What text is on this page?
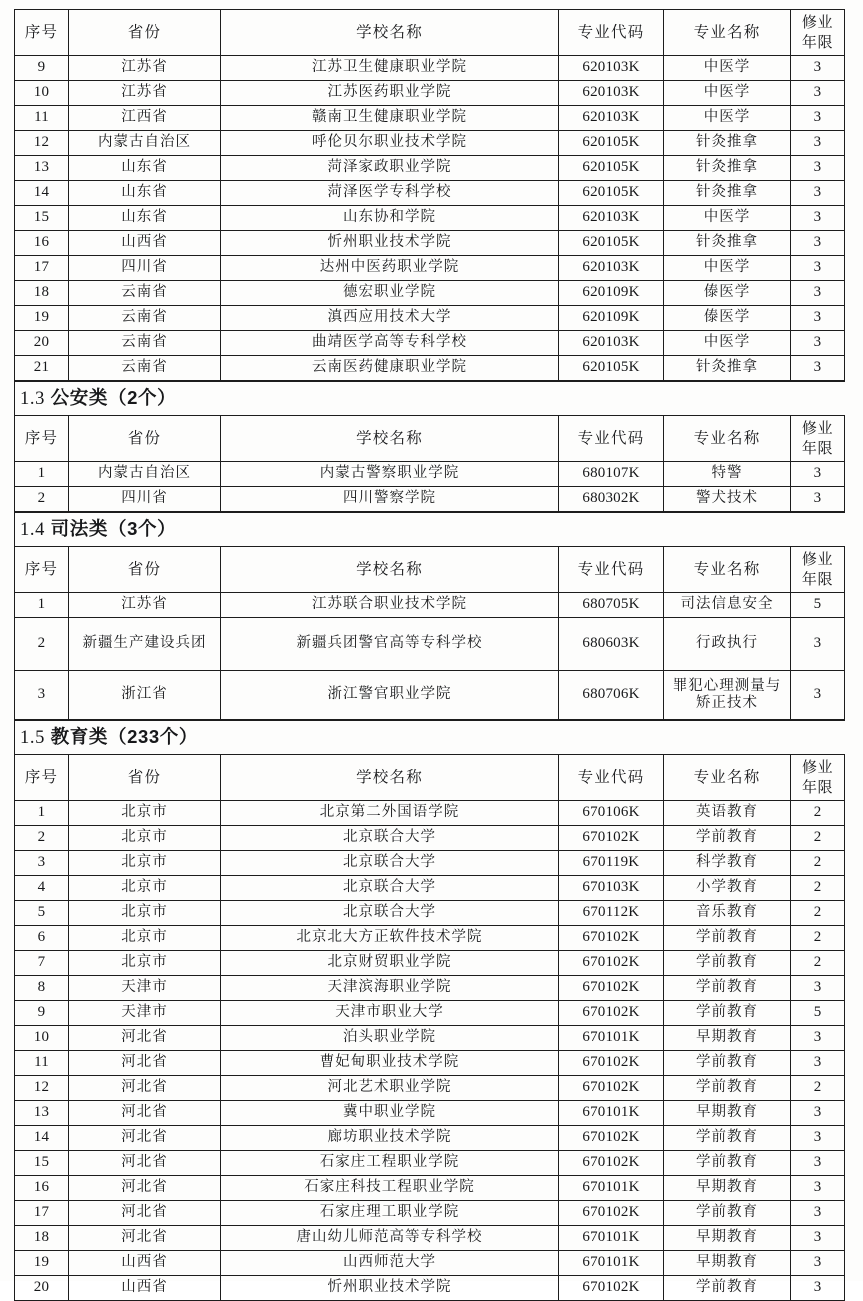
序号	省份	学校名称	专业代码	专业名称	修业
年限

9	江苏省	江苏卫生健康职业学院	620103K	中医学	3
10	江苏省	江苏医药职业学院	620103K	中医学	3
11	江西省	赣南卫生健康职业学院	620103K	中医学	3
12	内蒙古自治区	呼伦贝尔职业技术学院	620105K	针灸推拿	3
13	山东省	菏泽家政职业学院	620105K	针灸推拿	3
14	山东省	菏泽医学专科学校	620105K	针灸推拿	3
15	山东省	山东协和学院	620103K	中医学	3
16	山西省	忻州职业技术学院	620105K	针灸推拿	3
17	四川省	达州中医药职业学院	620103K	中医学	3
18	云南省	德宏职业学院	620109K	傣医学	3
19	云南省	滇西应用技术大学	620109K	傣医学	3
20	云南省	曲靖医学高等专科学校	620103K	中医学	3
21	云南省	云南医药健康职业学院	620105K	针灸推拿	3
1.3 公安类（2个）					
序号	省份	学校名称	专业代码	专业名称	修业
年限

1	内蒙古自治区	内蒙古警察职业学院	680107K	特警	3
2	四川省	四川警察学院	680302K	警犬技术	3
1.4 司法类（3个）					
序号	省份	学校名称	专业代码	专业名称	修业
年限

1	江苏省	江苏联合职业技术学院	680705K	司法信息安全	5
2	新疆生产建设兵团	新疆兵团警官高等专科学校	680603K	行政执行	3
3	浙江省	浙江警官职业学院	680706K	罪犯心理测量与矫正技术	3
1.5 教育类（233个）					
序号	省份	学校名称	专业代码	专业名称	修业
年限

1	北京市	北京第二外国语学院	670106K	英语教育	2
2	北京市	北京联合大学	670102K	学前教育	2
3	北京市	北京联合大学	670119K	科学教育	2
4	北京市	北京联合大学	670103K	小学教育	2
5	北京市	北京联合大学	670112K	音乐教育	2
6	北京市	北京北大方正软件技术学院	670102K	学前教育	2
7	北京市	北京财贸职业学院	670102K	学前教育	2
8	天津市	天津滨海职业学院	670102K	学前教育	3
9	天津市	天津市职业大学	670102K	学前教育	5
10	河北省	泊头职业学院	670101K	早期教育	3
11	河北省	曹妃甸职业技术学院	670102K	学前教育	3
12	河北省	河北艺术职业学院	670102K	学前教育	2
13	河北省	冀中职业学院	670101K	早期教育	3
14	河北省	廊坊职业技术学院	670102K	学前教育	3
15	河北省	石家庄工程职业学院	670102K	学前教育	3
16	河北省	石家庄科技工程职业学院	670101K	早期教育	3
17	河北省	石家庄理工职业学院	670102K	学前教育	3
18	河北省	唐山幼儿师范高等专科学校	670101K	早期教育	3
19	山西省	山西师范大学	670101K	早期教育	3
20	山西省	忻州职业技术学院	670102K	学前教育	3
